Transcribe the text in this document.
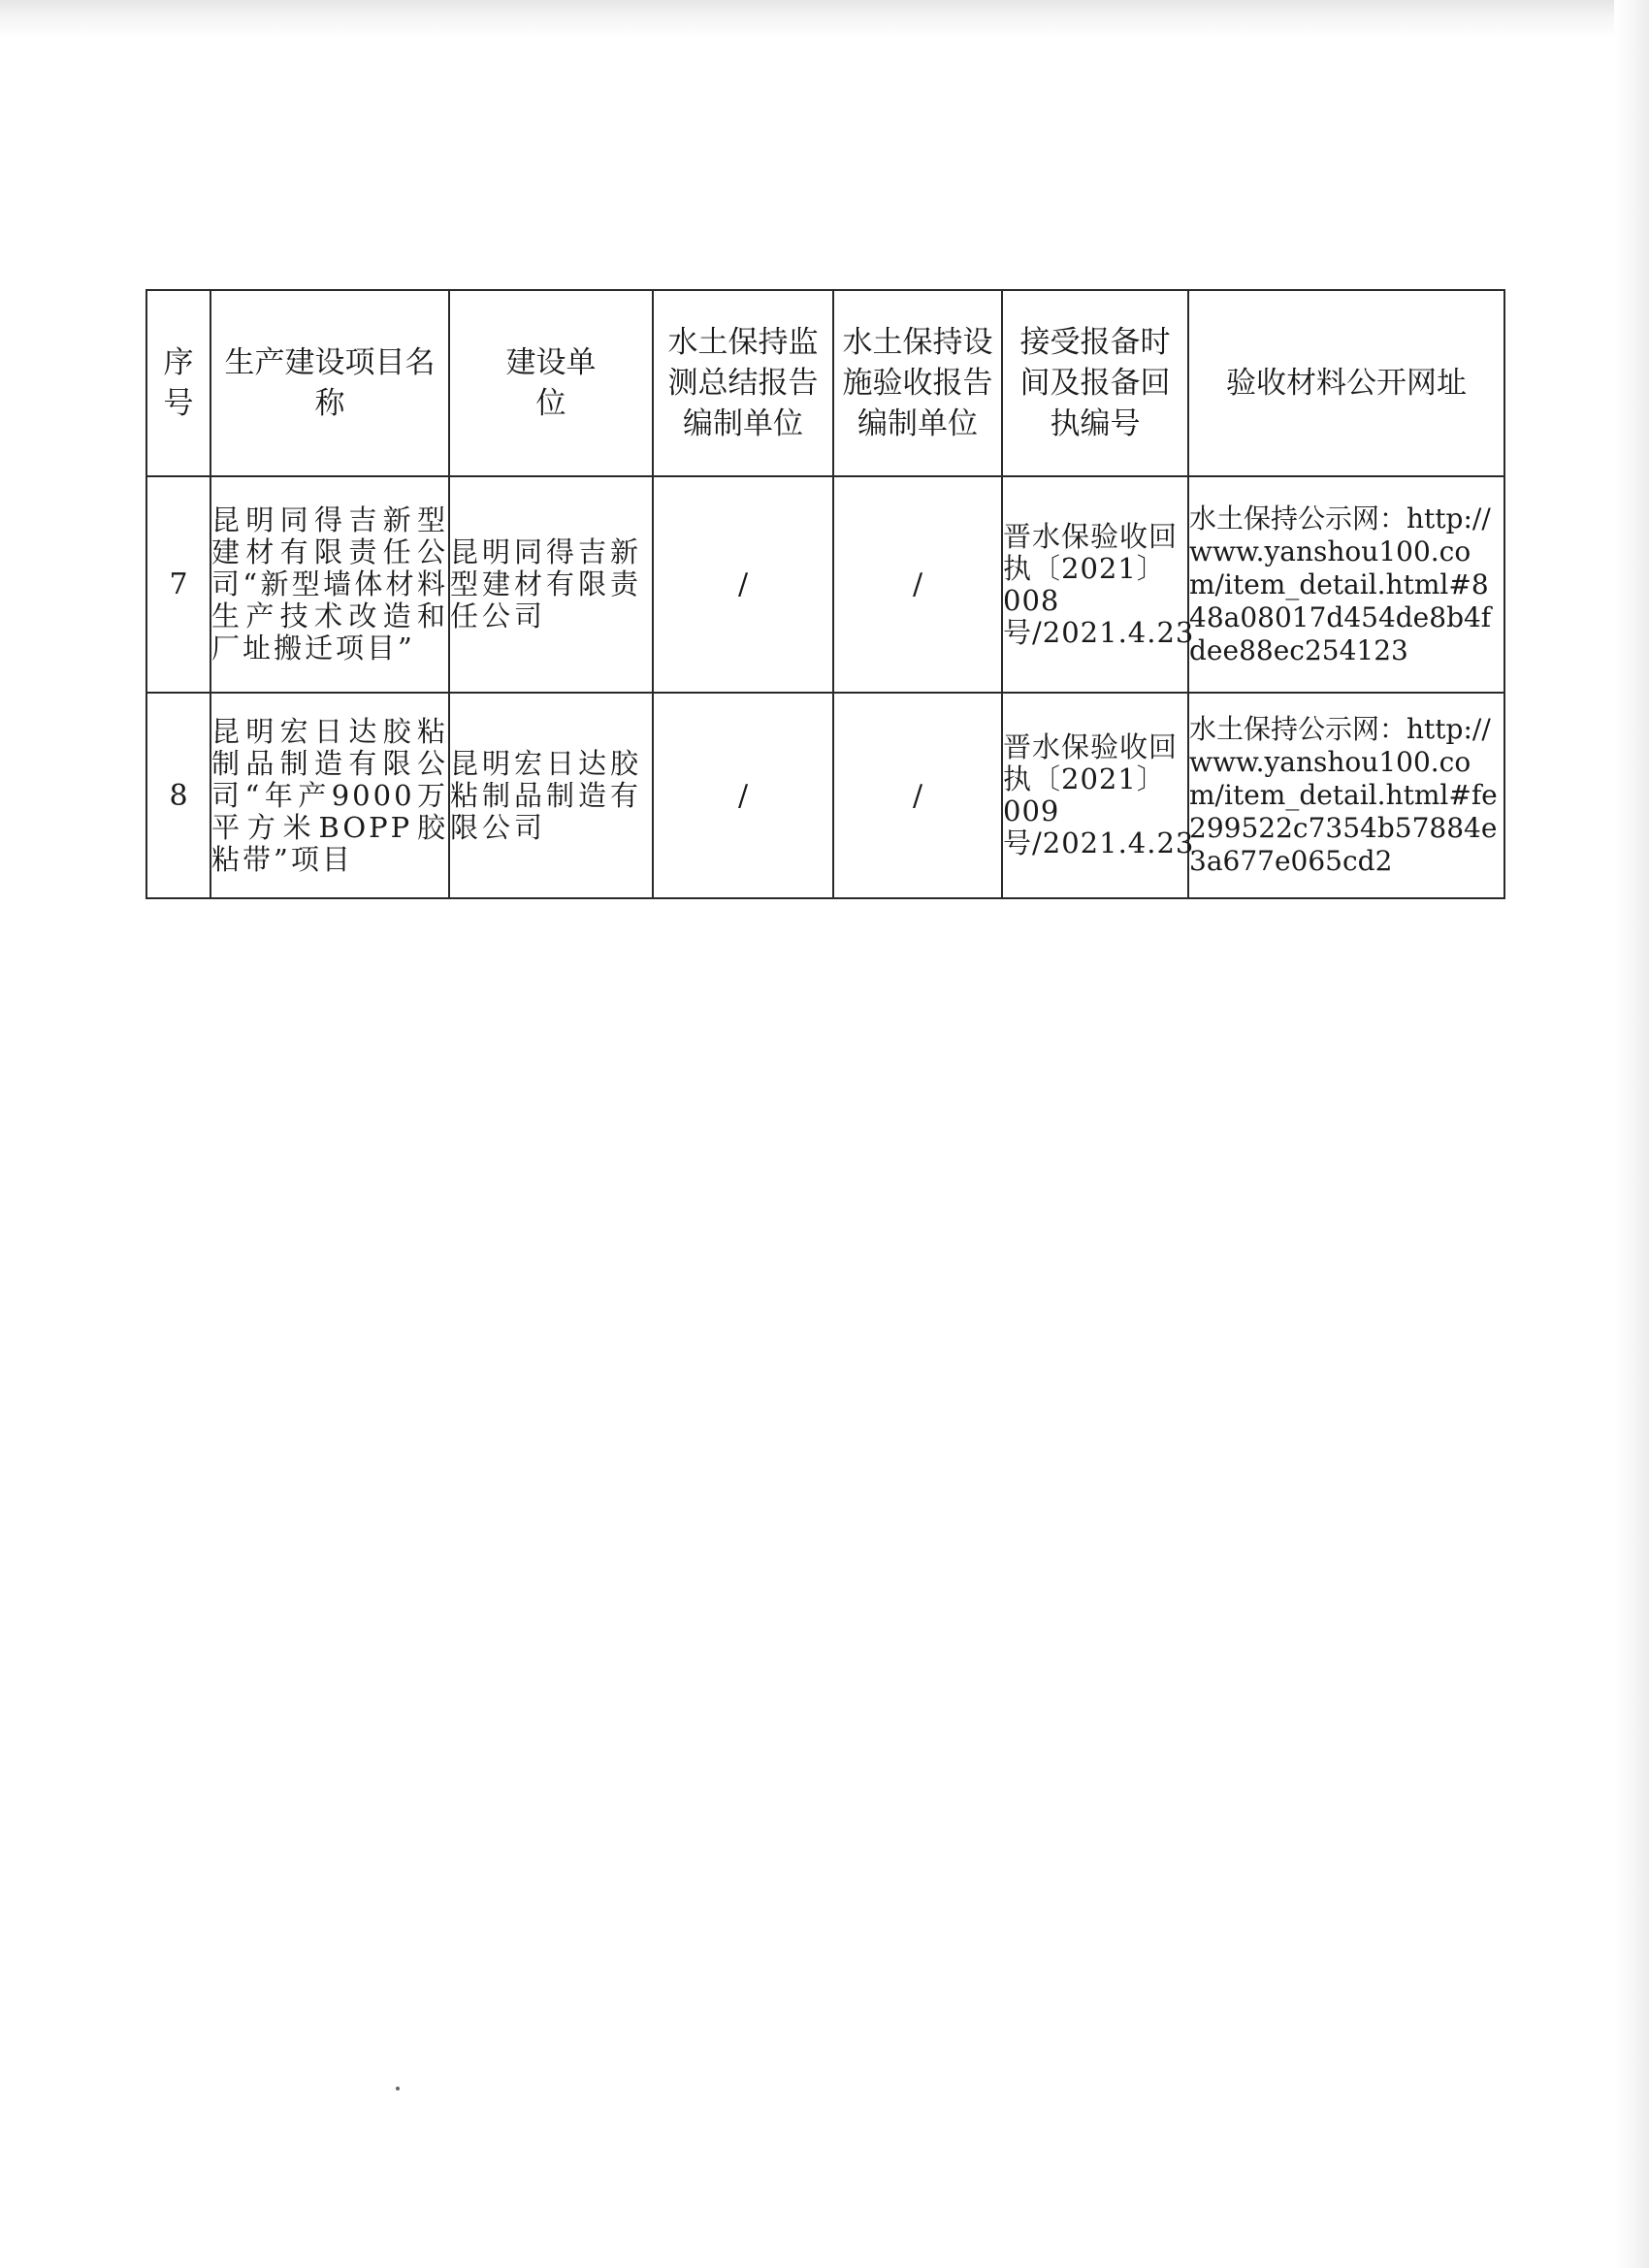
序号	生产建设项目名称	建设单位	水土保持监测总结报告编制单位	水土保持设施验收报告编制单位	接受报备时间及报备回执编号	验收材料公开网址

7	昆明同得吉新型建材有限责任公司“新型墙体材料生产技术改造和厂址搬迁项目”	昆明同得吉新型建材有限责任公司	/	/	晋水保验收回执〔2021〕008号/2021.4.23	水土保持公示网：http://www.yanshou100.com/item_detail.html#848a08017d454de8b4fdee88ec254123
8	昆明宏日达胶粘制品制造有限公司“年产9000万平方米BOPP胶粘带”项目	昆明宏日达胶粘制品制造有限公司	/	/	晋水保验收回执〔2021〕009号/2021.4.23	水土保持公示网：http://www.yanshou100.com/item_detail.html#fe299522c7354b57884e3a677e065cd2
